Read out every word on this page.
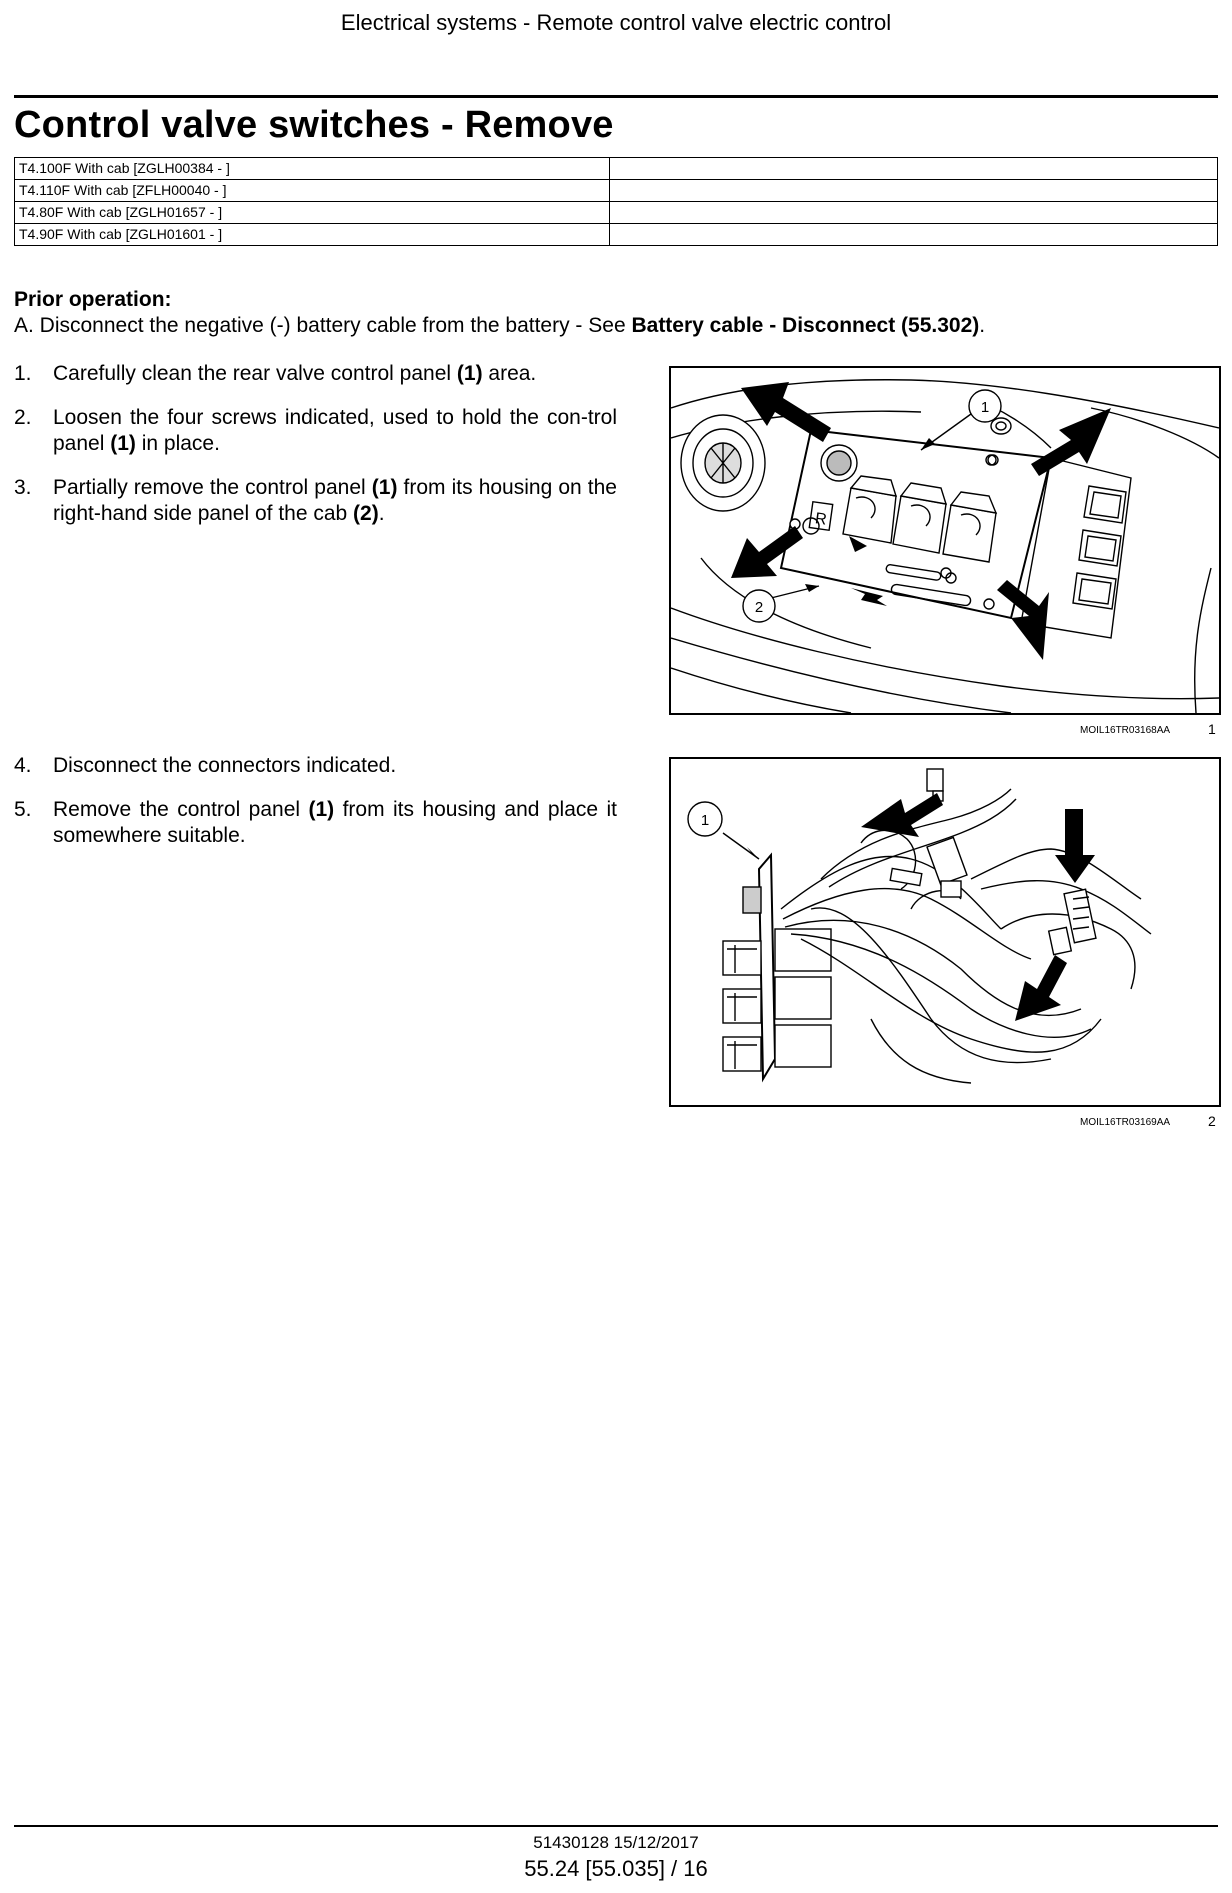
Electrical systems - Remote control valve electric control
Control valve switches - Remove
T4.100F With cab [ZGLH00384 - ]	
T4.110F With cab [ZFLH00040 - ]	
T4.80F With cab [ZGLH01657 - ]	
T4.90F With cab [ZGLH01601 - ]	
Prior operation:
A. Disconnect the negative (-) battery cable from the battery - See Battery cable - Disconnect (55.302).
1. Carefully clean the rear valve control panel (1) area.
2. Loosen the four screws indicated, used to hold the con-trol panel (1) in place.
3. Partially remove the control panel (1) from its housing on the right-hand side panel of the cab (2).
4. Disconnect the connectors indicated.
5. Remove the control panel (1) from its housing and place it somewhere suitable.
1
2
R
MOIL16TR03168AA	1
1
MOIL16TR03169AA	2
51430128 15/12/2017
55.24 [55.035] / 16
